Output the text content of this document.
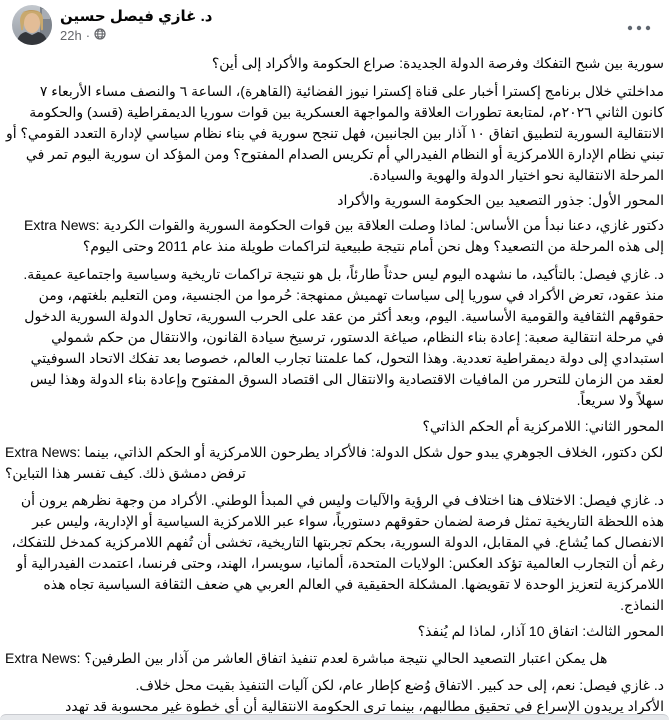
د. غازي فيصل حسين
22h ·

سورية بين شبح التفكك وفرصة الدولة الجديدة: صراع الحكومة والأكراد إلى أين؟

مداخلتي خلال برنامج إكسترا أخبار على قناة إكسترا نيوز الفضائية (القاهرة)، الساعة ٦ والنصف مساء الأربعاء ٧ كانون الثاني ٢٠٢٦م، لمتابعة تطورات العلاقة والمواجهة العسكرية بين قوات سوريا الديمقراطية (قسد) والحكومة الانتقالية السورية لتطبيق اتفاق ١٠ آذار بين الجانبين، فهل تنجح سورية في بناء نظام سياسي لإدارة التعدد القومي؟ أو تبني نظام الإدارة اللامركزية أو النظام الفيدرالي أم تكريس الصدام المفتوح؟ ومن المؤكد ان سورية اليوم تمر في المرحلة الانتقالية نحو اختيار الدولة والهوية والسيادة.

المحور الأول: جذور التصعيد بين الحكومة السورية والأكراد

Extra News: دكتور غازي، دعنا نبدأ من الأساس: لماذا وصلت العلاقة بين قوات الحكومة السورية والقوات الكردية إلى هذه المرحلة من التصعيد؟ وهل نحن أمام نتيجة طبيعية لتراكمات طويلة منذ عام 2011 وحتى اليوم؟

د. غازي فيصل: بالتأكيد، ما نشهده اليوم ليس حدثاً طارئاً، بل هو نتيجة تراكمات تاريخية وسياسية واجتماعية عميقة. منذ عقود، تعرض الأكراد في سوريا إلى سياسات تهميش ممنهجة: حُرموا من الجنسية، ومن التعليم بلغتهم، ومن حقوقهم الثقافية والقومية الأساسية. اليوم، وبعد أكثر من عقد على الحرب السورية، تحاول الدولة السورية الدخول في مرحلة انتقالية صعبة: إعادة بناء النظام، صياغة الدستور، ترسيخ سيادة القانون، والانتقال من حكم شمولي استبدادي إلى دولة ديمقراطية تعددية. وهذا التحول، كما علمتنا تجارب العالم، خصوصا بعد تفكك الاتحاد السوفيتي لعقد من الزمان للتحرر من المافيات الاقتصادية والانتقال الى اقتصاد السوق المفتوح وإعادة بناء الدولة وهذا ليس سهلاً ولا سريعاً.

المحور الثاني: اللامركزية أم الحكم الذاتي؟

Extra News: لكن دكتور، الخلاف الجوهري يبدو حول شكل الدولة: فالأكراد يطرحون اللامركزية أو الحكم الذاتي، بينما ترفض دمشق ذلك. كيف تفسر هذا التباين؟

د. غازي فيصل: الاختلاف هنا اختلاف في الرؤية والآليات وليس في المبدأ الوطني. الأكراد من وجهة نظرهم يرون أن هذه اللحظة التاريخية تمثل فرصة لضمان حقوقهم دستورياً، سواء عبر اللامركزية السياسية أو الإدارية، وليس عبر الانفصال كما يُشاع. في المقابل، الدولة السورية، بحكم تجربتها التاريخية، تخشى أن تُفهم اللامركزية كمدخل للتفكك، رغم أن التجارب العالمية تؤكد العكس: الولايات المتحدة، ألمانيا، سويسرا، الهند، وحتى فرنسا، اعتمدت الفيدرالية أو اللامركزية لتعزيز الوحدة لا تقويضها. المشكلة الحقيقية في العالم العربي هي ضعف الثقافة السياسية تجاه هذه النماذج.

المحور الثالث: اتفاق 10 آذار، لماذا لم يُنفذ؟

Extra News: هل يمكن اعتبار التصعيد الحالي نتيجة مباشرة لعدم تنفيذ اتفاق العاشر من آذار بين الطرفين؟

د. غازي فيصل: نعم، إلى حد كبير. الاتفاق وُضع كإطار عام، لكن آليات التنفيذ بقيت محل خلاف.

الأكراد يريدون الإسراع في تحقيق مطالبهم، بينما ترى الحكومة الانتقالية أن أي خطوة غير محسوبة قد تهدد
